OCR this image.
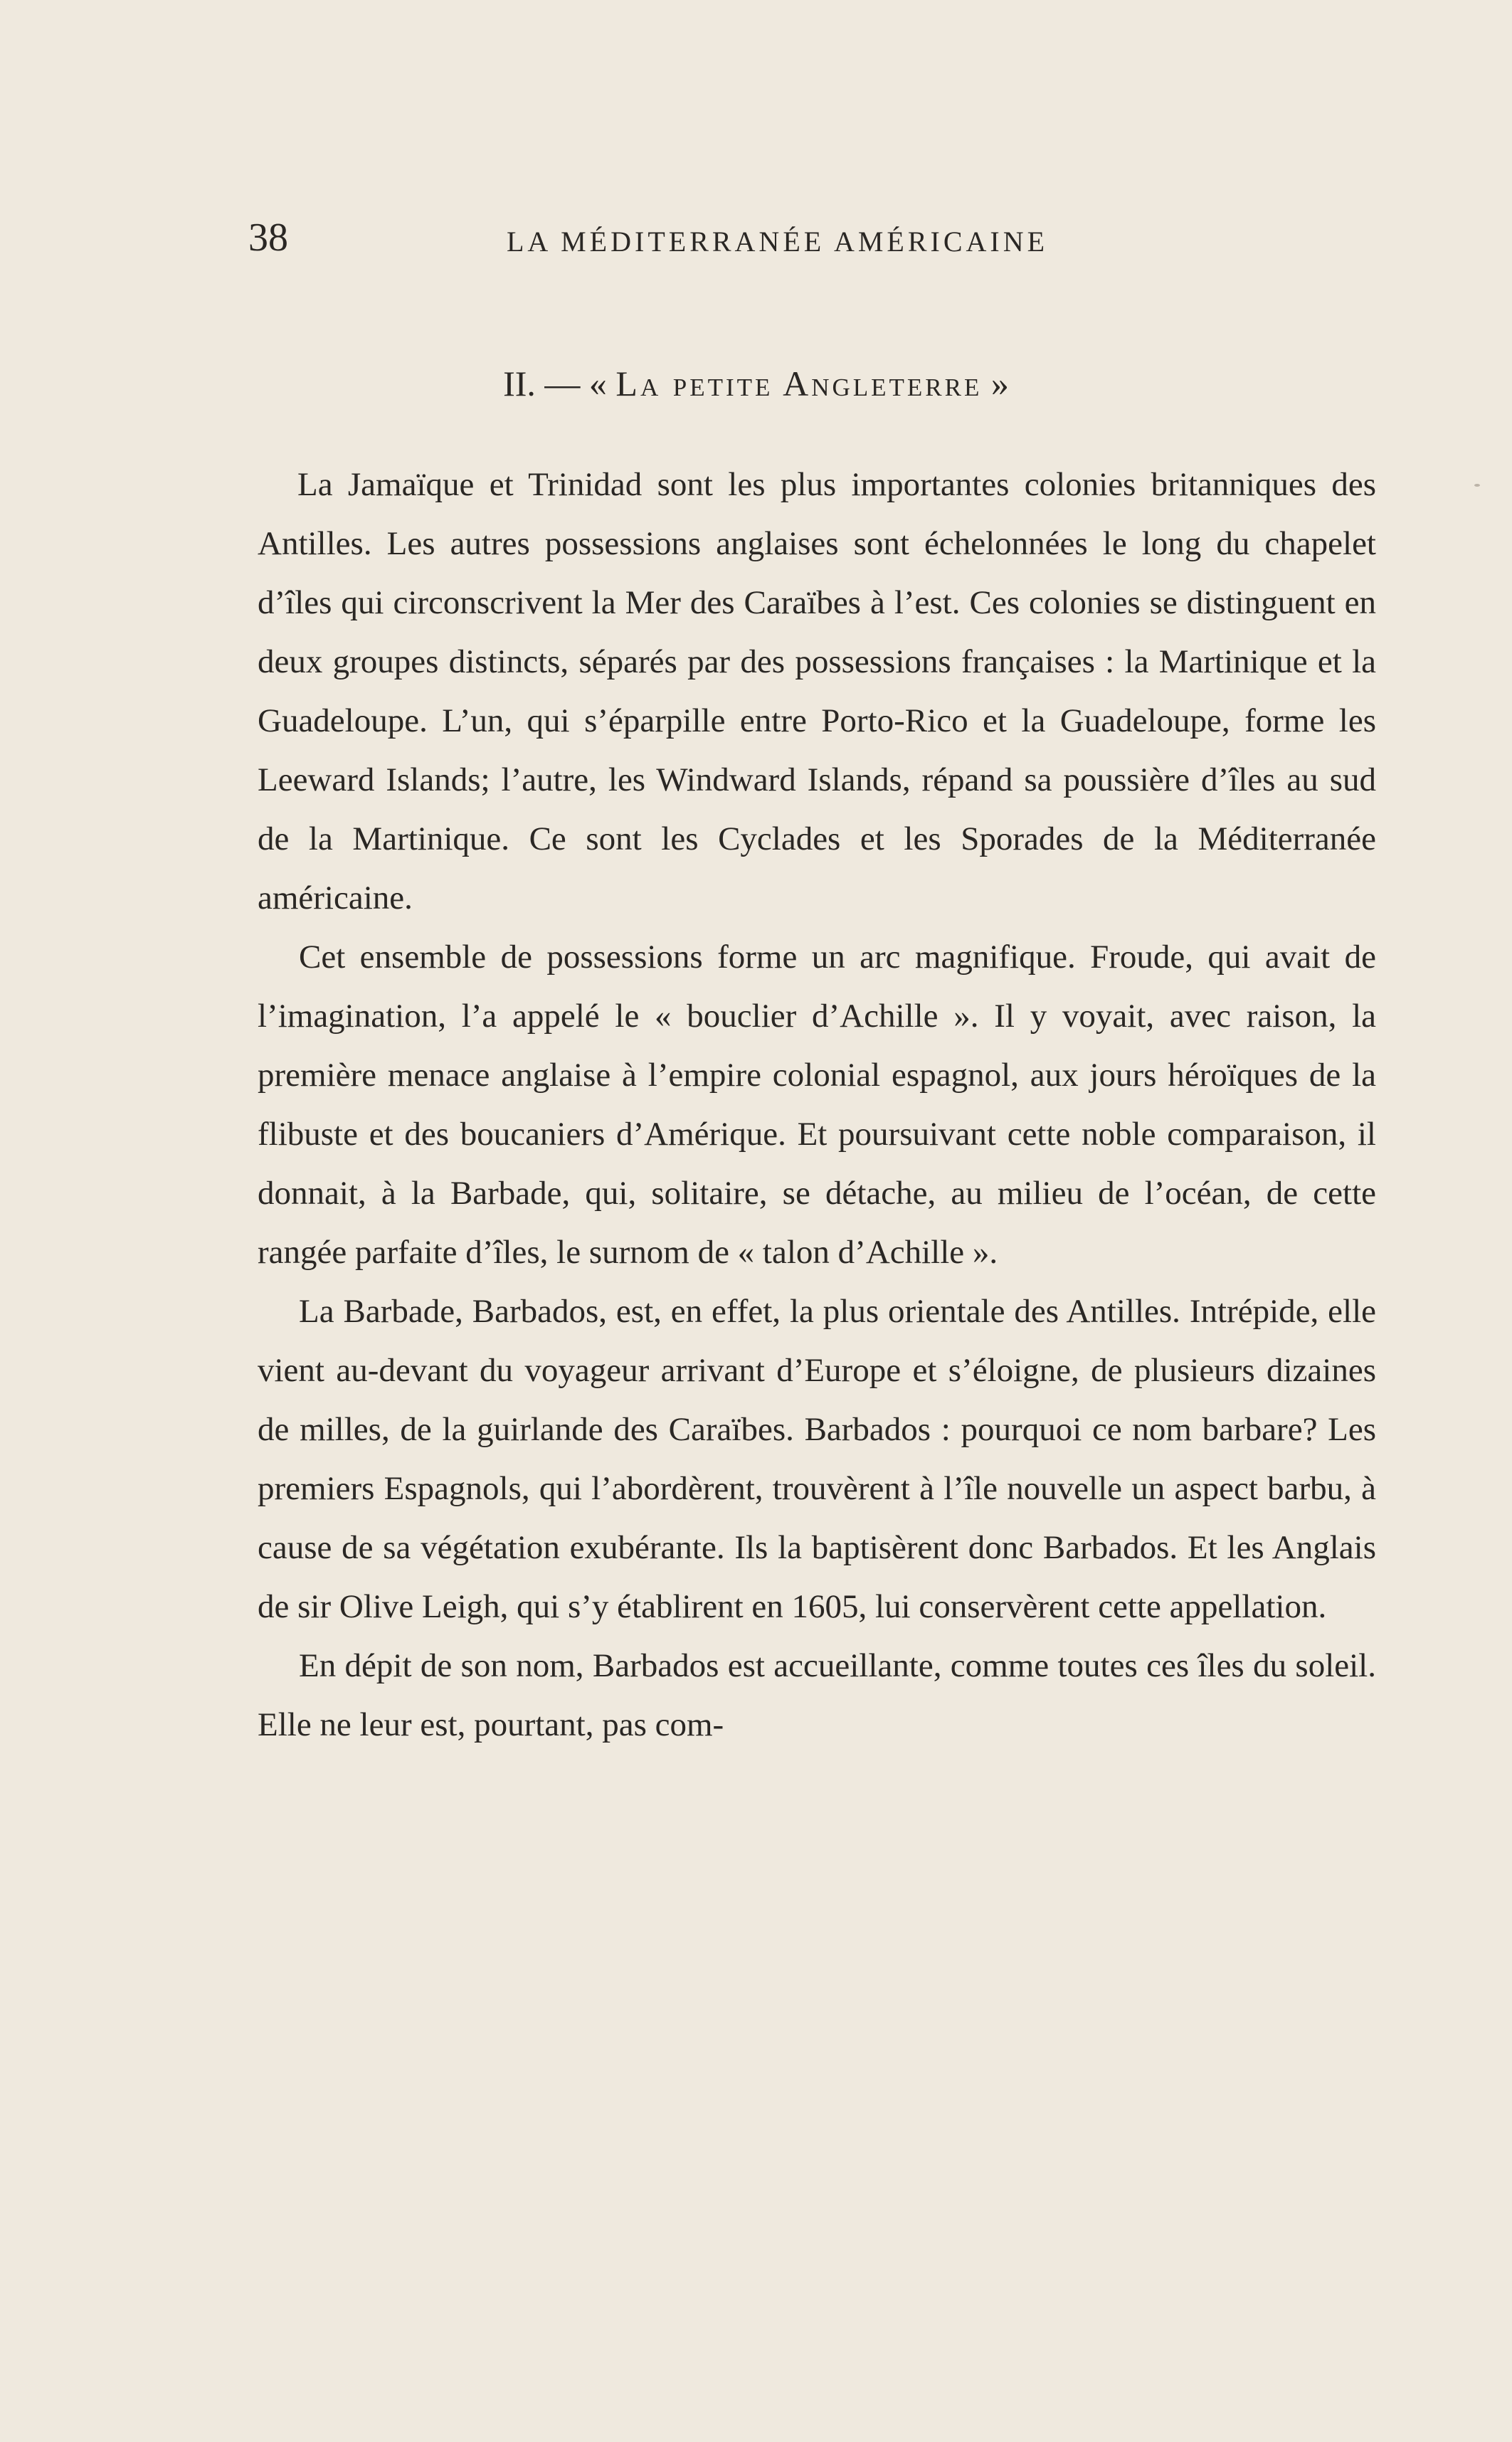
38	LA MÉDITERRANÉE AMÉRICAINE
II. — « La petite Angleterre »

La Jamaïque et Trinidad sont les plus importantes colonies britanniques des Antilles. Les autres possessions anglaises sont échelonnées le long du chapelet d’îles qui circonscrivent la Mer des Caraïbes à l’est. Ces colonies se distinguent en deux groupes distincts, séparés par des possessions françaises : la Martinique et la Guadeloupe. L’un, qui s’éparpille entre Porto-Rico et la Guadeloupe, forme les Leeward Islands; l’autre, les Windward Islands, répand sa poussière d’îles au sud de la Martinique. Ce sont les Cyclades et les Sporades de la Méditerranée américaine.

Cet ensemble de possessions forme un arc magnifique. Froude, qui avait de l’imagination, l’a appelé le « bouclier d’Achille ». Il y voyait, avec raison, la première menace anglaise à l’empire colonial espagnol, aux jours héroïques de la flibuste et des boucaniers d’Amérique. Et poursuivant cette noble comparaison, il donnait, à la Barbade, qui, solitaire, se détache, au milieu de l’océan, de cette rangée parfaite d’îles, le surnom de « talon d’Achille ».

La Barbade, Barbados, est, en effet, la plus orientale des Antilles. Intrépide, elle vient au-devant du voyageur arrivant d’Europe et s’éloigne, de plusieurs dizaines de milles, de la guirlande des Caraïbes. Barbados : pourquoi ce nom barbare? Les premiers Espagnols, qui l’abordèrent, trouvèrent à l’île nouvelle un aspect barbu, à cause de sa végétation exubérante. Ils la baptisèrent donc Barbados. Et les Anglais de sir Olive Leigh, qui s’y établirent en 1605, lui conservèrent cette appellation.

En dépit de son nom, Barbados est accueillante, comme toutes ces îles du soleil. Elle ne leur est, pourtant, pas com-
